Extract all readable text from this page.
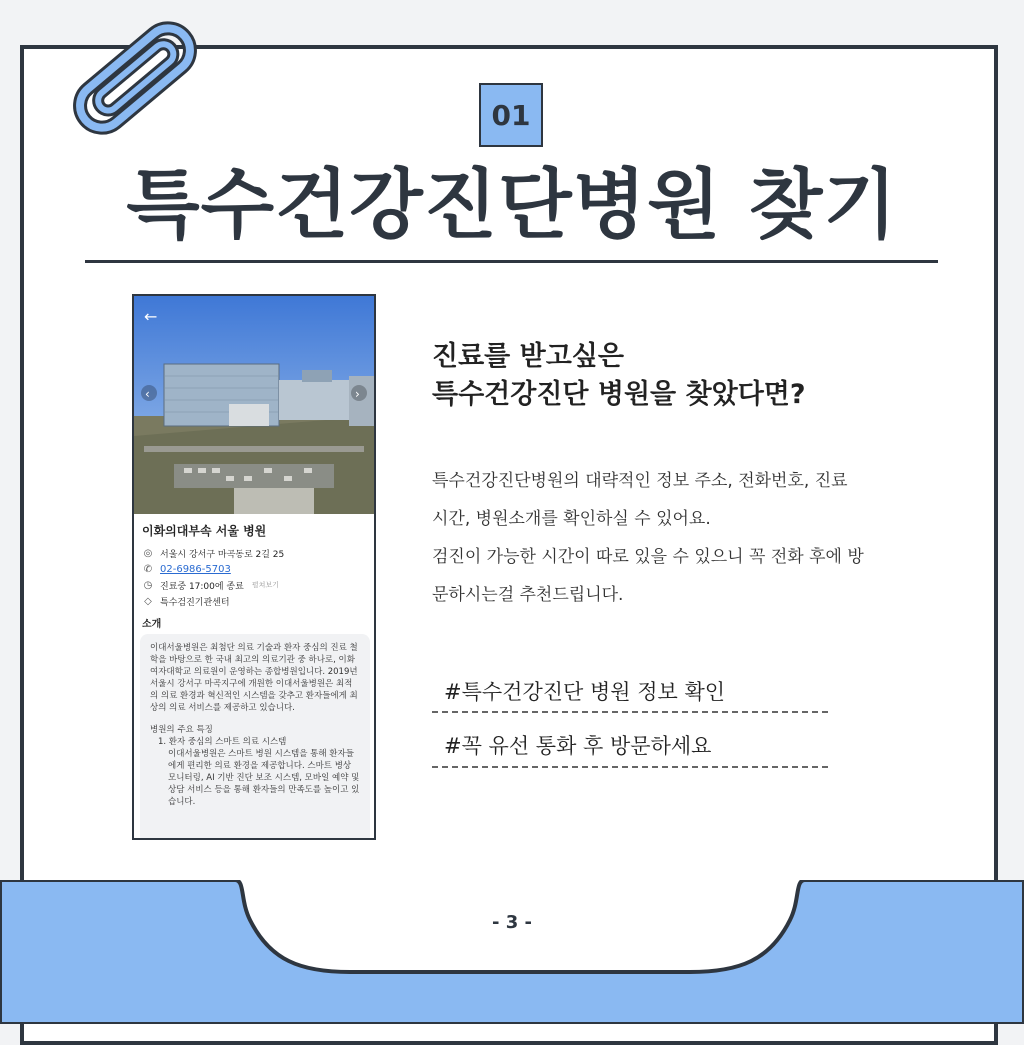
01
특수건강진단병원 찾기
←
‹	›
이화의대부속 서울 병원
◎ 서울시 강서구 마곡동로 2길 25
✆ 02-6986-5703
◷ 진료중 17:00에 종료 펼쳐보기
◇ 특수검진기관센터
소개

이대서울병원은 최첨단 의료 기술과 환자 중심의 진료 철학을 바탕으로 한 국내 최고의 의료기관 중 하나로, 이화여자대학교 의료원이 운영하는 종합병원입니다. 2019년 서울시 강서구 마곡지구에 개원한 이대서울병원은 최적의 의료 환경과 혁신적인 시스템을 갖추고 환자들에게 최상의 의료 서비스를 제공하고 있습니다.

병원의 주요 특징

1. 환자 중심의 스마트 의료 시스템

이대서울병원은 스마트 병원 시스템을 통해 환자들에게 편리한 의료 환경을 제공합니다. 스마트 병상 모니터링, AI 기반 진단 보조 시스템, 모바일 예약 및 상담 서비스 등을 통해 환자들의 만족도를 높이고 있습니다.

진료를 받고싶은
특수건강진단 병원을 찾았다면?
특수건강진단병원의 대략적인 정보 주소, 전화번호, 진료
시간, 병원소개를 확인하실 수 있어요.
검진이 가능한 시간이 따로 있을 수 있으니 꼭 전화 후에 방
문하시는걸 추천드립니다.
#특수건강진단 병원 정보 확인
#꼭 유선 통화 후 방문하세요
- 3 -
